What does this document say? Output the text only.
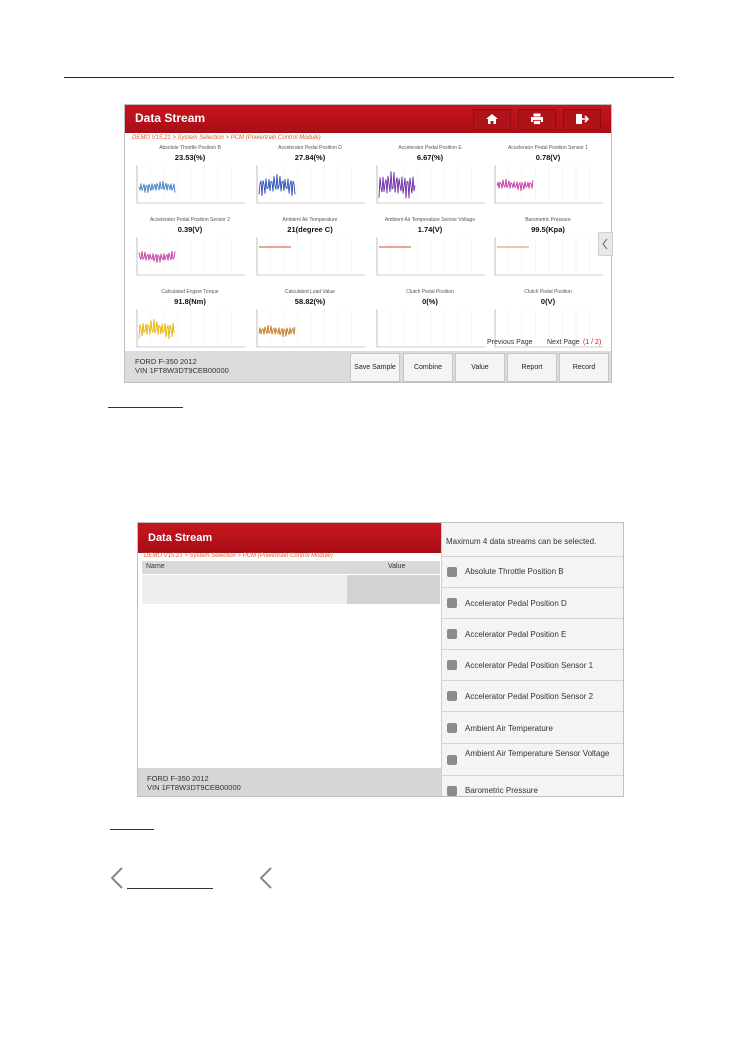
Data Stream
DEMO V15.21 > System Selection > PCM (Powertrain Control Module)
Absolute Throttle Position B
23.53(%)
Accelerator Pedal Position D
27.84(%)
Accelerator Pedal Position E
6.67(%)
Accelerator Pedal Position Sensor 1
0.78(V)
Accelerator Pedal Position Sensor 2
0.39(V)
Ambient Air Temperature
21(degree C)
Ambient Air Temperature Sensor Voltage
1.74(V)
Barometric Pressure
99.5(Kpa)
Calculated Engine Torque
91.8(Nm)
Calculated Load Value
58.82(%)
Clutch Pedal Position
0(%)
Clutch Pedal Position
0(V)
Previous Page Next Page (1 / 2)
FORD F-350 2012
VIN 1FT8W3DT9CEB00000	Save Sample	Combine	Value	Report	Record
Data Stream
DEMO V15.21 > System Selection > PCM (Powertrain Control Module)
Name	Value
FORD F-350 2012
VIN 1FT8W3DT9CEB00000
Maximum 4 data streams can be selected.
Absolute Throttle Position B
Accelerator Pedal Position D
Accelerator Pedal Position E
Accelerator Pedal Position Sensor 1
Accelerator Pedal Position Sensor 2
Ambient Air Temperature
Ambient Air Temperature Sensor Voltage
Barometric Pressure
